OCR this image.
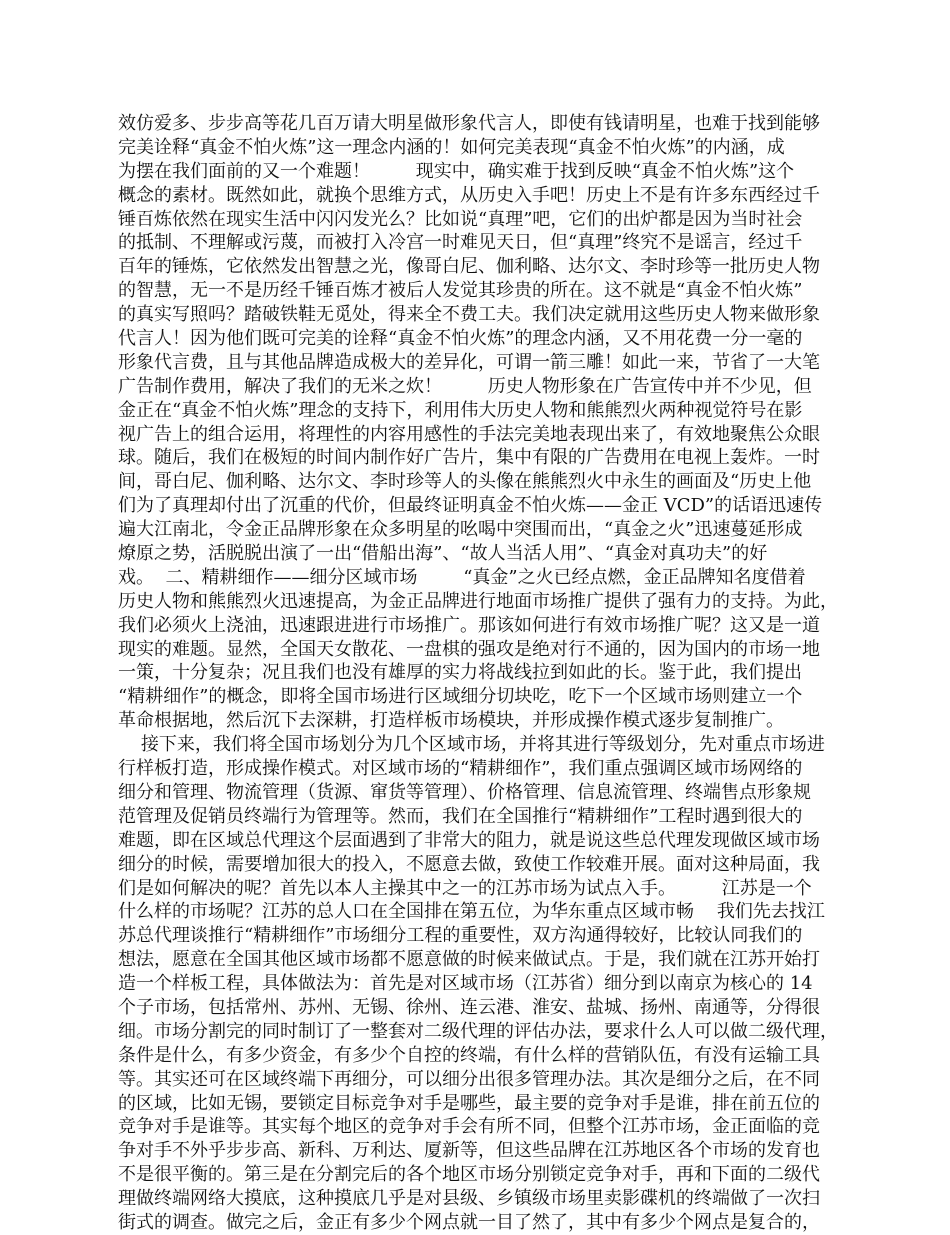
效仿爱多、步步高等花几百万请大明星做形象代言人，即使有钱请明星，也难于找到能够
完美诠释“真金不怕火炼”这一理念内涵的！如何完美表现“真金不怕火炼”的内涵，成
为摆在我们面前的又一个难题！        现实中，确实难于找到反映“真金不怕火炼”这个
概念的素材。既然如此，就换个思维方式，从历史入手吧！历史上不是有许多东西经过千
锤百炼依然在现实生活中闪闪发光么？比如说“真理”吧，它们的出炉都是因为当时社会
的抵制、不理解或污蔑，而被打入冷宫一时难见天日，但“真理”终究不是谣言，经过千
百年的锤炼，它依然发出智慧之光，像哥白尼、伽利略、达尔文、李时珍等一批历史人物
的智慧，无一不是历经千锤百炼才被后人发觉其珍贵的所在。这不就是“真金不怕火炼”
的真实写照吗？踏破铁鞋无觅处，得来全不费工夫。我们决定就用这些历史人物来做形象
代言人！因为他们既可完美的诠释“真金不怕火炼”的理念内涵，又不用花费一分一毫的
形象代言费，且与其他品牌造成极大的差异化，可谓一箭三雕！如此一来，节省了一大笔
广告制作费用，解决了我们的无米之炊！        历史人物形象在广告宣传中并不少见，但
金正在“真金不怕火炼”理念的支持下，利用伟大历史人物和熊熊烈火两种视觉符号在影
视广告上的组合运用，将理性的内容用感性的手法完美地表现出来了，有效地聚焦公众眼
球。随后，我们在极短的时间内制作好广告片，集中有限的广告费用在电视上轰炸。一时
间，哥白尼、伽利略、达尔文、李时珍等人的头像在熊熊烈火中永生的画面及“历史上他
们为了真理却付出了沉重的代价，但最终证明真金不怕火炼——金正 VCD”的话语迅速传
遍大江南北，令金正品牌形象在众多明星的吆喝中突围而出，“真金之火”迅速蔓延形成
燎原之势，活脱脱出演了一出“借船出海”、“故人当活人用”、“真金对真功夫”的好
戏。  二、精耕细作——细分区域市场        “真金”之火已经点燃，金正品牌知名度借着
历史人物和熊熊烈火迅速提高，为金正品牌进行地面市场推广提供了强有力的支持。为此，
我们必须火上浇油，迅速跟进进行市场推广。那该如何进行有效市场推广呢？这又是一道
现实的难题。显然，全国天女散花、一盘棋的强攻是绝对行不通的，因为国内的市场一地
一策，十分复杂；况且我们也没有雄厚的实力将战线拉到如此的长。鉴于此，我们提出
“精耕细作”的概念，即将全国市场进行区域细分切块吃，吃下一个区域市场则建立一个
革命根据地，然后沉下去深耕，打造样板市场模块，并形成操作模式逐步复制推广。
接下来，我们将全国市场划分为几个区域市场，并将其进行等级划分，先对重点市场进
行样板打造，形成操作模式。对区域市场的“精耕细作”，我们重点强调区域市场网络的
细分和管理、物流管理（货源、窜货等管理）、价格管理、信息流管理、终端售点形象规
范管理及促销员终端行为管理等。然而，我们在全国推行“精耕细作”工程时遇到很大的
难题，即在区域总代理这个层面遇到了非常大的阻力，就是说这些总代理发现做区域市场
细分的时候，需要增加很大的投入，不愿意去做，致使工作较难开展。面对这种局面，我
们是如何解决的呢？首先以本人主操其中之一的江苏市场为试点入手。        江苏是一个
什么样的市场呢？江苏的总人口在全国排在第五位，为华东重点区域市畅    我们先去找江
苏总代理谈推行“精耕细作”市场细分工程的重要性，双方沟通得较好，比较认同我们的
想法，愿意在全国其他区域市场都不愿意做的时候来做试点。于是，我们就在江苏开始打
造一个样板工程，具体做法为：首先是对区域市场（江苏省）细分到以南京为核心的 14
个子市场，包括常州、苏州、无锡、徐州、连云港、淮安、盐城、扬州、南通等，分得很
细。市场分割完的同时制订了一整套对二级代理的评估办法，要求什么人可以做二级代理，
条件是什么，有多少资金，有多少个自控的终端，有什么样的营销队伍，有没有运输工具
等。其实还可在区域终端下再细分，可以细分出很多管理办法。其次是细分之后，在不同
的区域，比如无锡，要锁定目标竞争对手是哪些，最主要的竞争对手是谁，排在前五位的
竞争对手是谁等。其实每个地区的竞争对手会有所不同，但整个江苏市场，金正面临的竞
争对手不外乎步步高、新科、万利达、厦新等，但这些品牌在江苏地区各个市场的发育也
不是很平衡的。第三是在分割完后的各个地区市场分别锁定竞争对手，再和下面的二级代
理做终端网络大摸底，这种摸底几乎是对县级、乡镇级市场里卖影碟机的终端做了一次扫
街式的调查。做完之后，金正有多少个网点就一目了然了，其中有多少个网点是复合的，
